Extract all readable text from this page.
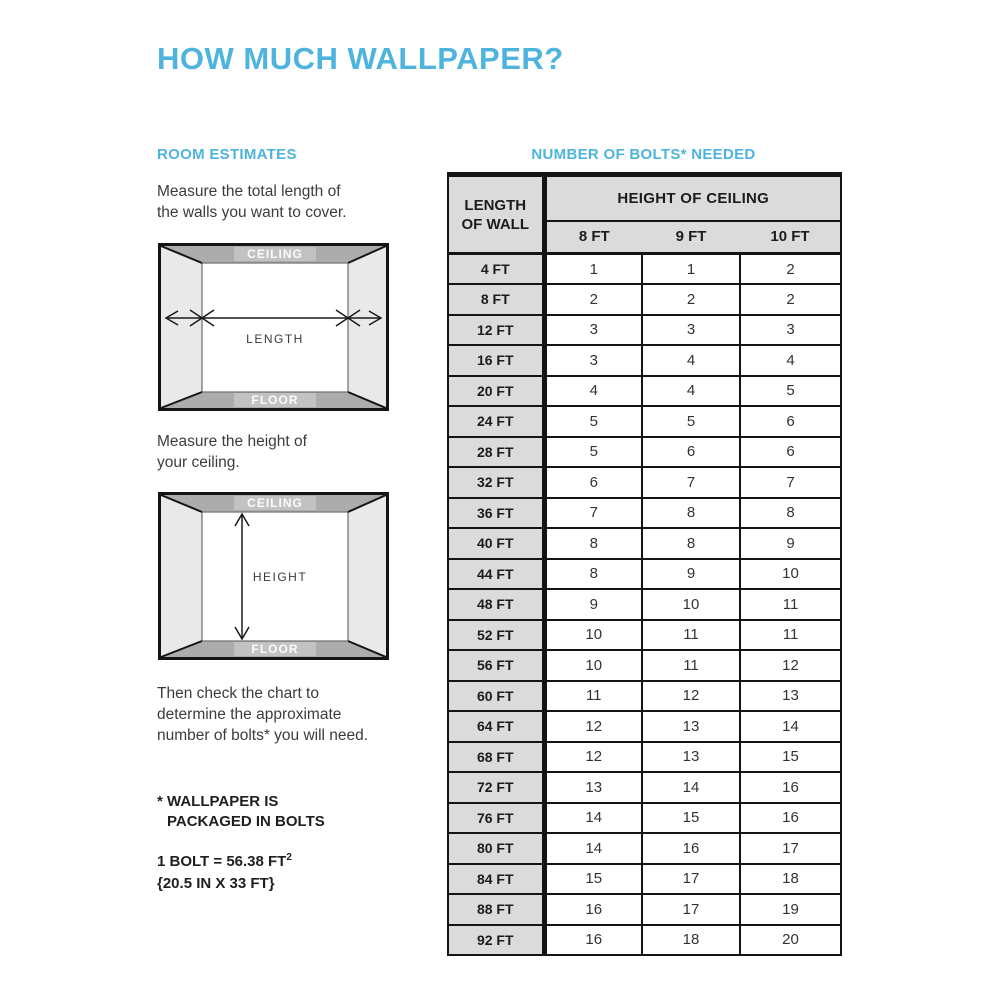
HOW MUCH WALLPAPER?
ROOM ESTIMATES	NUMBER OF BOLTS* NEEDED
Measure the total length of
the walls you want to cover.
CEILING
FLOOR
LENGTH
Measure the height of
your ceiling.
CEILING
FLOOR
HEIGHT
Then check the chart to
determine the approximate
number of bolts* you will need.
* WALLPAPER IS
PACKAGED IN BOLTS
1 BOLT = 56.38 $FT^2$
{20.5 IN X 33 FT}
LENGTH
OF WALL	HEIGHT OF CEILING		
	8 FT	9 FT	10 FT
4 FT	1	1	2
8 FT	2	2	2
12 FT	3	3	3
16 FT	3	4	4
20 FT	4	4	5
24 FT	5	5	6
28 FT	5	6	6
32 FT	6	7	7
36 FT	7	8	8
40 FT	8	8	9
44 FT	8	9	10
48 FT	9	10	11
52 FT	10	11	11
56 FT	10	11	12
60 FT	11	12	13
64 FT	12	13	14
68 FT	12	13	15
72 FT	13	14	16
76 FT	14	15	16
80 FT	14	16	17
84 FT	15	17	18
88 FT	16	17	19
92 FT	16	18	20
